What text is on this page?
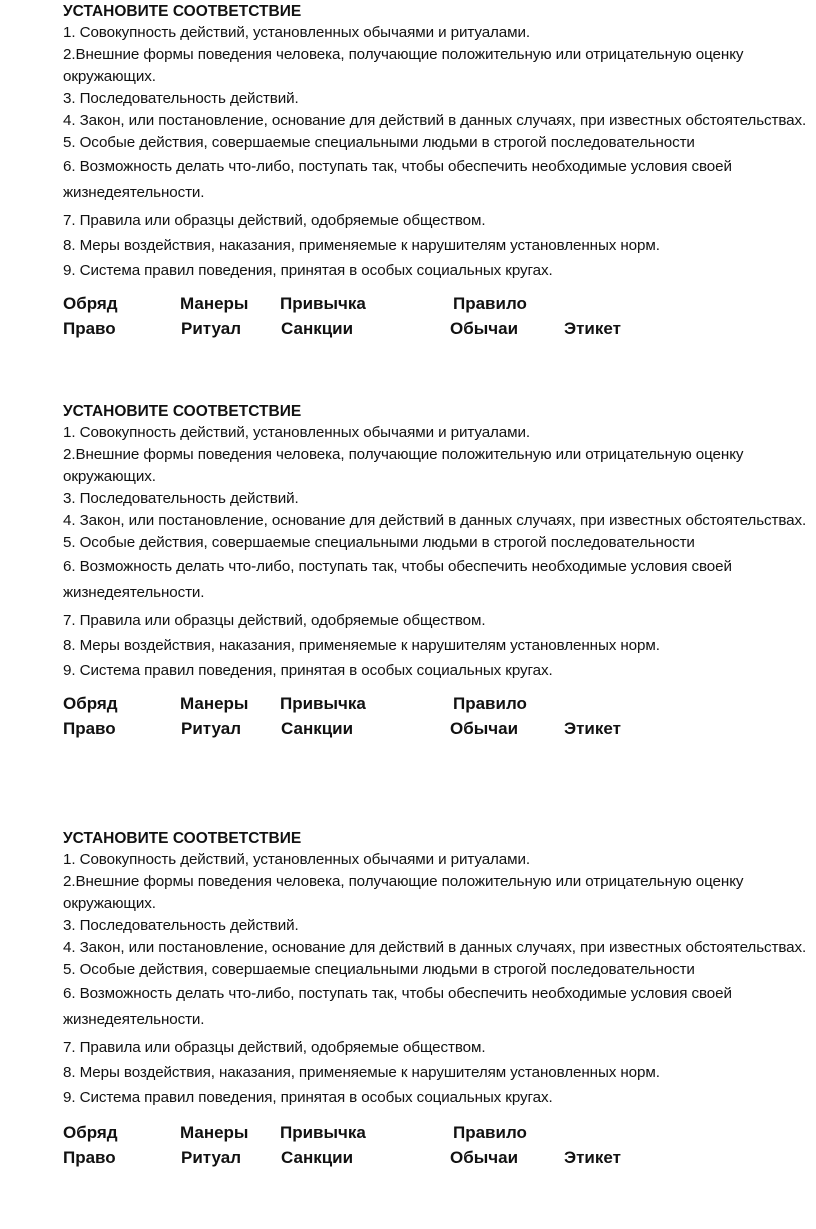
УСТАНОВИТЕ СООТВЕТСТВИЕ
1. Совокупность действий, установленных обычаями и ритуалами.
2.Внешние формы поведения человека, получающие положительную или отрицательную оценку окружающих.
3. Последовательность действий.
4. Закон, или постановление, основание для действий в данных случаях, при известных обстоятельствах.
5. Особые действия, совершаемые специальными людьми в строгой последовательности
6. Возможность делать что-либо, поступать так, чтобы обеспечить необходимые условия своей жизнедеятельности.
7. Правила или образцы действий, одобряемые обществом.
8. Меры воздействия, наказания, применяемые к нарушителям установленных норм.
9. Система правил поведения, принятая в особых социальных кругах.
Обряд	Манеры Привычка	Правило
Право	Ритуал Санкции	Обычаи	Этикет
УСТАНОВИТЕ СООТВЕТСТВИЕ
1. Совокупность действий, установленных обычаями и ритуалами.
2.Внешние формы поведения человека, получающие положительную или отрицательную оценку окружающих.
3. Последовательность действий.
4. Закон, или постановление, основание для действий в данных случаях, при известных обстоятельствах.
5. Особые действия, совершаемые специальными людьми в строгой последовательности
6. Возможность делать что-либо, поступать так, чтобы обеспечить необходимые условия своей жизнедеятельности.
7. Правила или образцы действий, одобряемые обществом.
8. Меры воздействия, наказания, применяемые к нарушителям установленных норм.
9. Система правил поведения, принятая в особых социальных кругах.
Обряд	Манеры Привычка	Правило
Право	Ритуал Санкции	Обычаи	Этикет
УСТАНОВИТЕ СООТВЕТСТВИЕ
1. Совокупность действий, установленных обычаями и ритуалами.
2.Внешние формы поведения человека, получающие положительную или отрицательную оценку окружающих.
3. Последовательность действий.
4. Закон, или постановление, основание для действий в данных случаях, при известных обстоятельствах.
5. Особые действия, совершаемые специальными людьми в строгой последовательности
6. Возможность делать что-либо, поступать так, чтобы обеспечить необходимые условия своей жизнедеятельности.
7. Правила или образцы действий, одобряемые обществом.
8. Меры воздействия, наказания, применяемые к нарушителям установленных норм.
9. Система правил поведения, принятая в особых социальных кругах.
Обряд	Манеры Привычка	Правило
Право	Ритуал Санкции	Обычаи	Этикет
